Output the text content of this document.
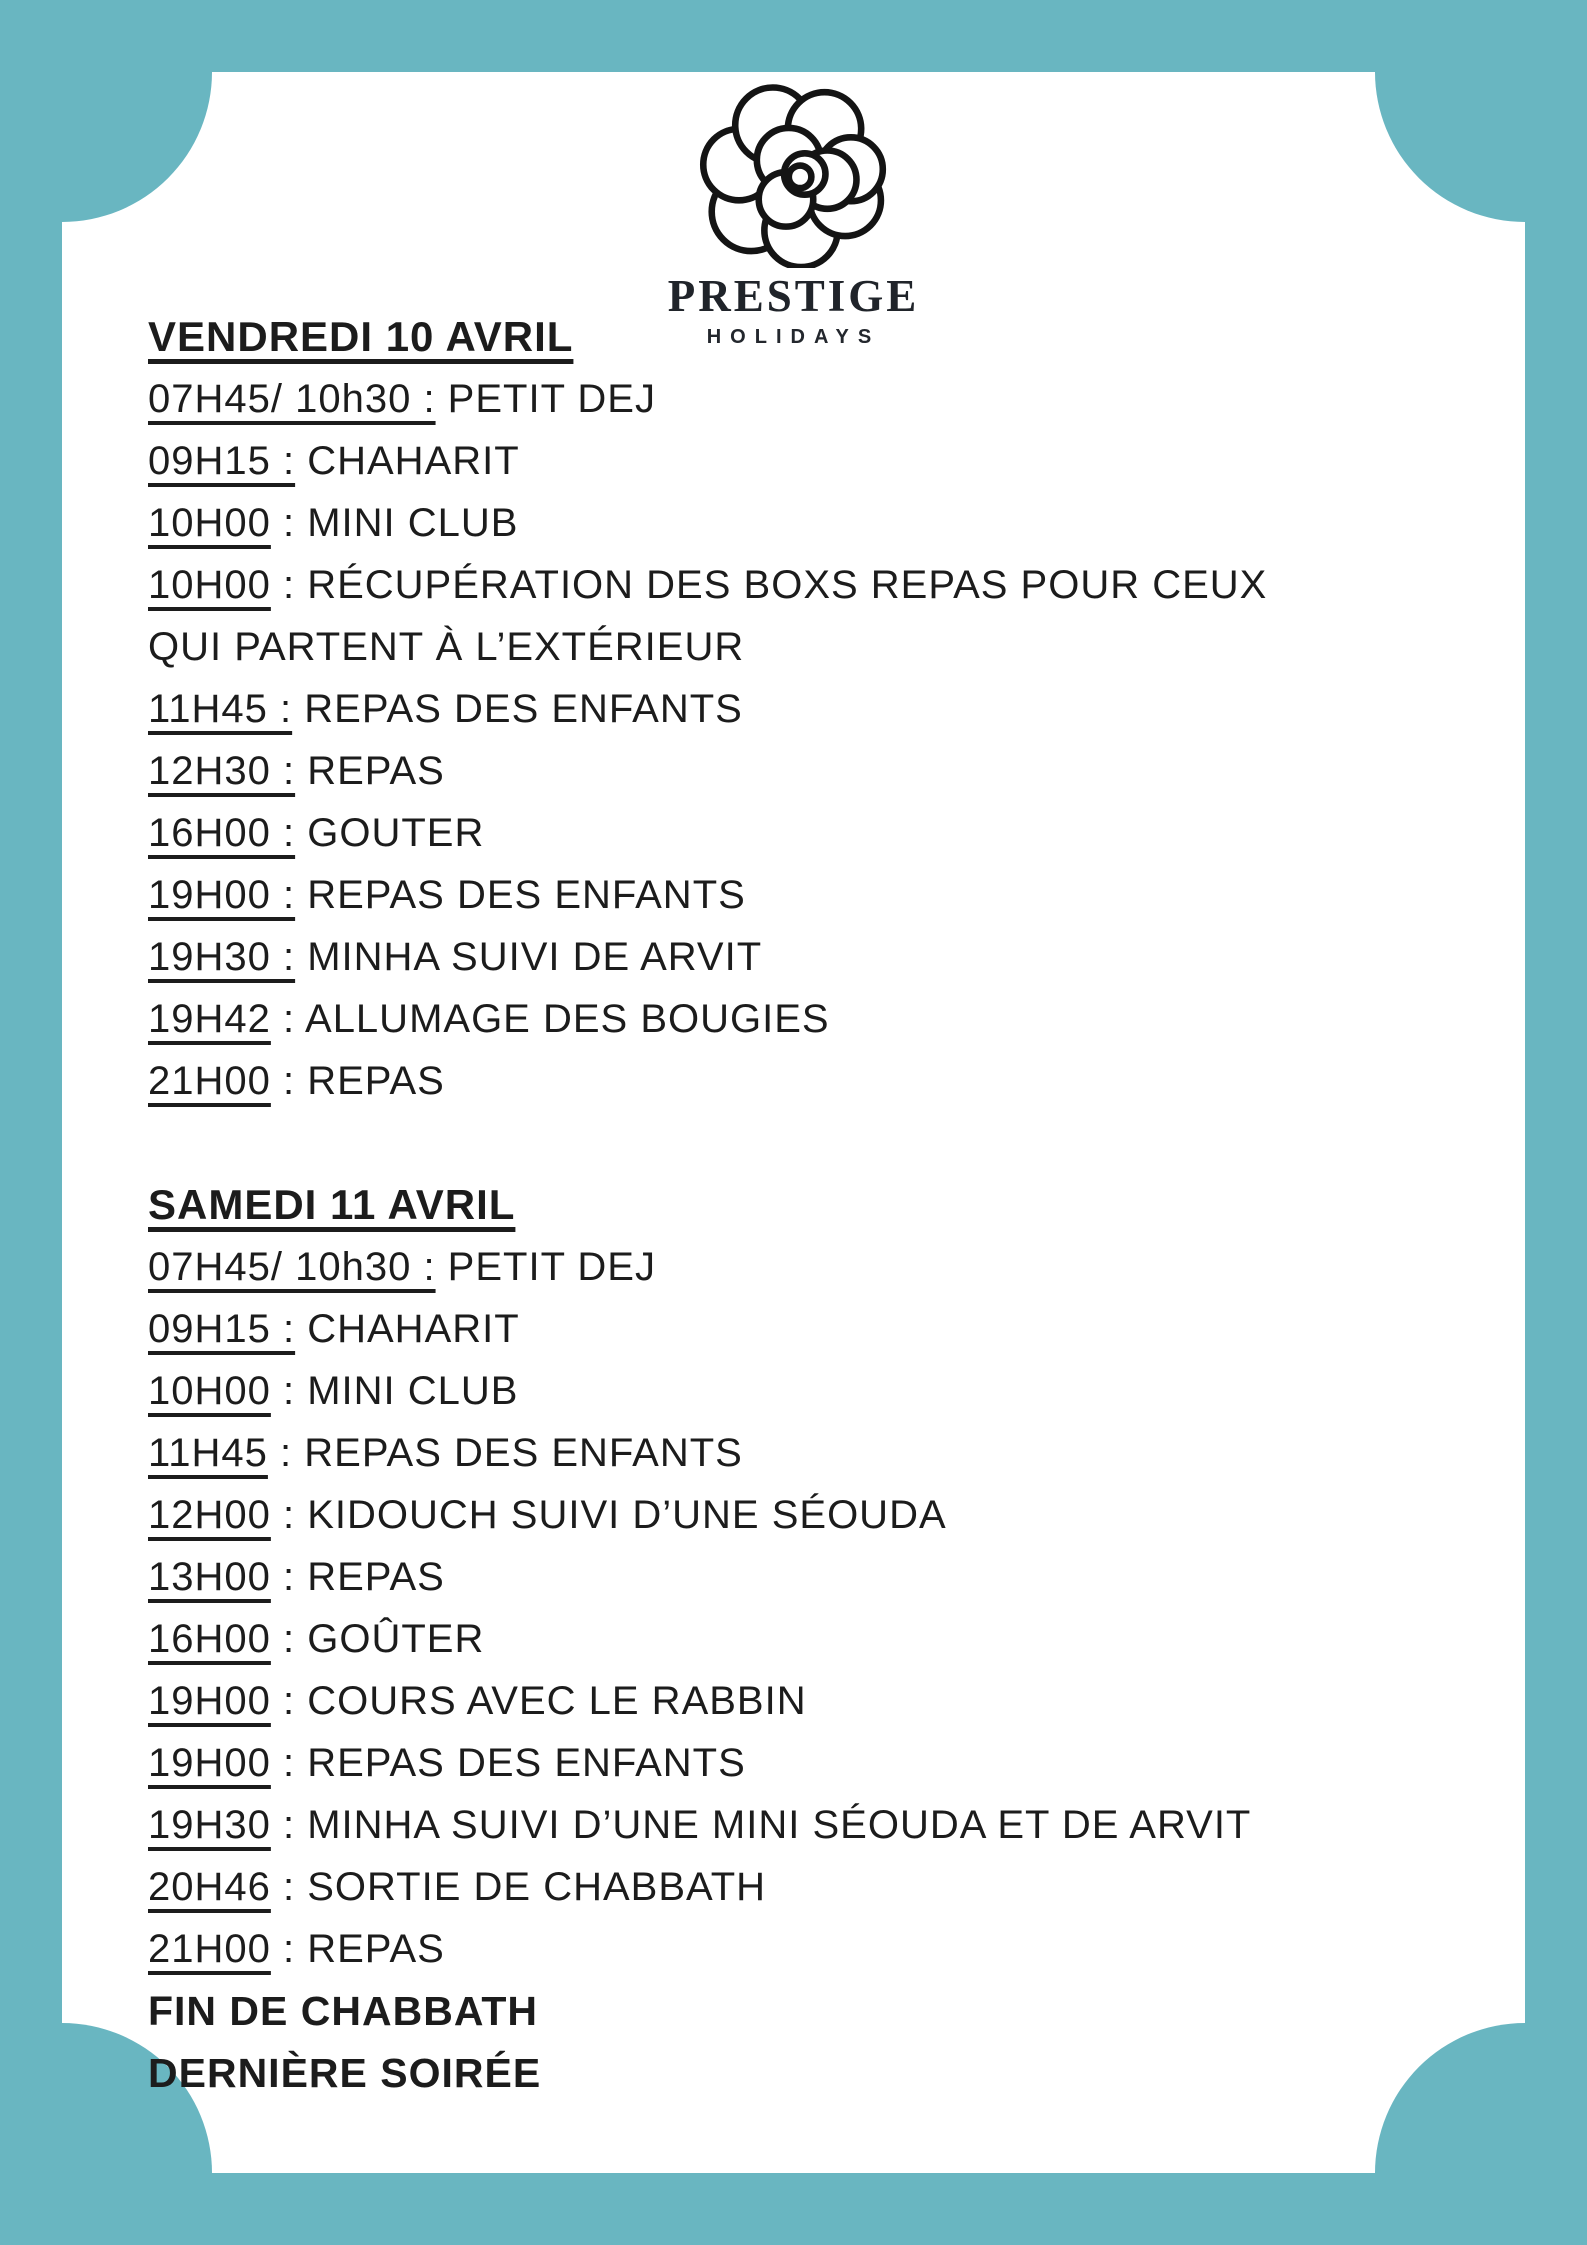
PRESTIGE
HOLIDAYS
VENDREDI 10 AVRIL
07H45/ 10h30 : PETIT DEJ
09H15 : CHAHARIT
10H00 : MINI CLUB
10H00 : RÉCUPÉRATION DES BOXS REPAS POUR CEUX
QUI PARTENT À L’EXTÉRIEUR
11H45 : REPAS DES ENFANTS
12H30 : REPAS
16H00 : GOUTER
19H00 : REPAS DES ENFANTS
19H30 : MINHA SUIVI DE ARVIT
19H42 : ALLUMAGE DES BOUGIES
21H00 : REPAS
SAMEDI 11 AVRIL
07H45/ 10h30 : PETIT DEJ
09H15 : CHAHARIT
10H00 : MINI CLUB
11H45 : REPAS DES ENFANTS
12H00 : KIDOUCH SUIVI D’UNE SÉOUDA
13H00 : REPAS
16H00 : GOÛTER
19H00 : COURS AVEC LE RABBIN
19H00 : REPAS DES ENFANTS
19H30 : MINHA SUIVI D’UNE MINI SÉOUDA ET DE ARVIT
20H46 : SORTIE DE CHABBATH
21H00 : REPAS
FIN DE CHABBATH
DERNIÈRE SOIRÉE
